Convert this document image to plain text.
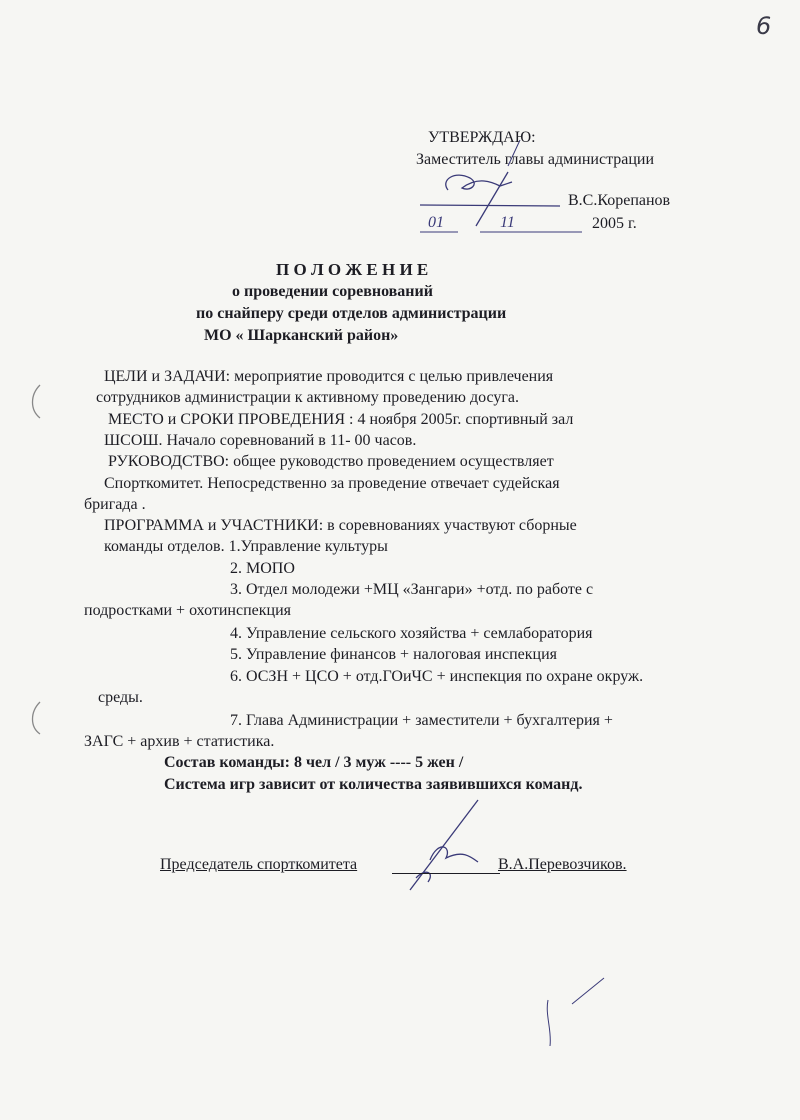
6
УТВЕРЖДАЮ:
Заместитель главы администрации
В.С.Корепанов
01	11	2005 г.
П О Л О Ж Е Н И Е
о проведении соревнований
по снайперу среди отделов администрации
МО « Шарканский район»
ЦЕЛИ и ЗАДАЧИ: мероприятие проводится с целью привлечения
сотрудников администрации к активному проведению досуга.
МЕСТО и СРОКИ ПРОВЕДЕНИЯ : 4 ноября 2005г. спортивный зал
ШСОШ. Начало соревнований в 11- 00 часов.
РУКОВОДСТВО: общее руководство проведением осуществляет
Спорткомитет. Непосредственно за проведение отвечает судейская
бригада .
ПРОГРАММА и УЧАСТНИКИ: в соревнованиях участвуют сборные
команды отделов. 1.Управление культуры
2. МОПО
3. Отдел молодежи +МЦ «Зангари» +отд. по работе с
подростками + охотинспекция
4. Управление сельского хозяйства + семлаборатория
5. Управление финансов + налоговая инспекция
6. ОСЗН + ЦСО + отд.ГОиЧС + инспекция по охране окруж.
среды.
7. Глава Администрации + заместители + бухгалтерия +
ЗАГС + архив + статистика.
Состав команды: 8 чел / 3 муж ---- 5 жен /
Система игр зависит от количества заявившихся команд.
Председатель спорткомитета	В.А.Перевозчиков.
